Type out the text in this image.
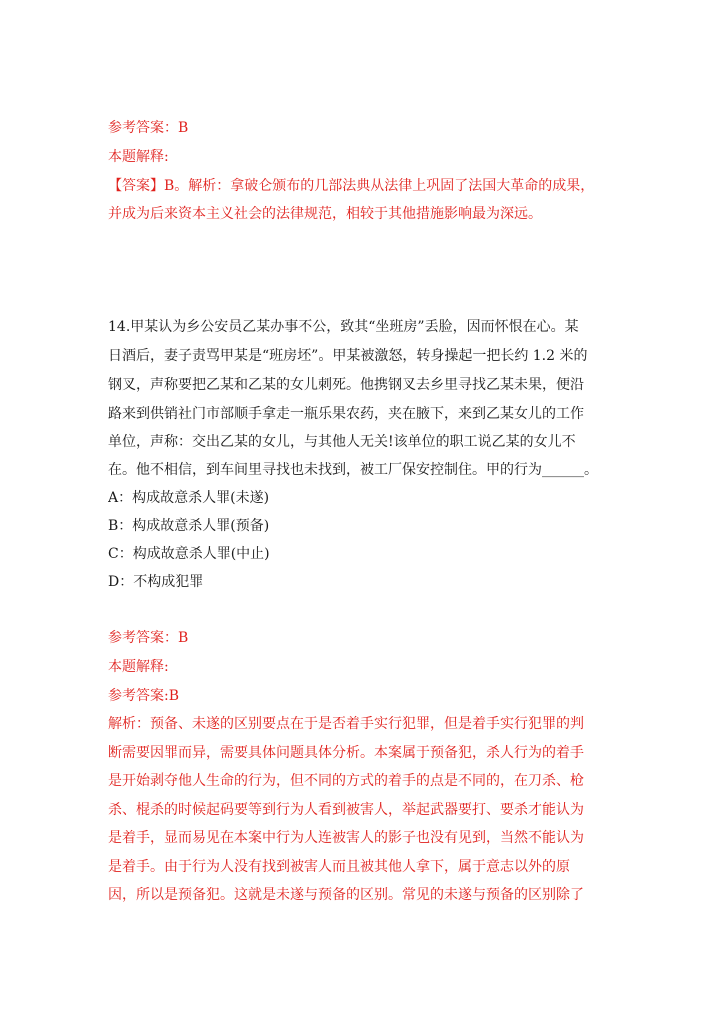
参考答案：B
本题解释:
【答案】B。解析：拿破仑颁布的几部法典从法律上巩固了法国大革命的成果，
并成为后来资本主义社会的法律规范，相较于其他措施影响最为深远。
14.甲某认为乡公安员乙某办事不公，致其“坐班房”丢脸，因而怀恨在心。某
日酒后，妻子责骂甲某是“班房坯”。甲某被激怒，转身操起一把长约 1.2 米的
钢叉，声称要把乙某和乙某的女儿刺死。他携钢叉去乡里寻找乙某未果，便沿
路来到供销社门市部顺手拿走一瓶乐果农药，夹在腋下，来到乙某女儿的工作
单位，声称：交出乙某的女儿，与其他人无关!该单位的职工说乙某的女儿不
在。他不相信，到车间里寻找也未找到，被工厂保安控制住。甲的行为______。
A：构成故意杀人罪(未遂)
B：构成故意杀人罪(预备)
C：构成故意杀人罪(中止)
D：不构成犯罪
参考答案：B
本题解释:
参考答案:B
解析：预备、未遂的区别要点在于是否着手实行犯罪，但是着手实行犯罪的判
断需要因罪而异，需要具体问题具体分析。本案属于预备犯，杀人行为的着手
是开始剥夺他人生命的行为，但不同的方式的着手的点是不同的，在刀杀、枪
杀、棍杀的时候起码要等到行为人看到被害人，举起武器要打、要杀才能认为
是着手，显而易见在本案中行为人连被害人的影子也没有见到，当然不能认为
是着手。由于行为人没有找到被害人而且被其他人拿下，属于意志以外的原
因，所以是预备犯。这就是未遂与预备的区别。常见的未遂与预备的区别除了
